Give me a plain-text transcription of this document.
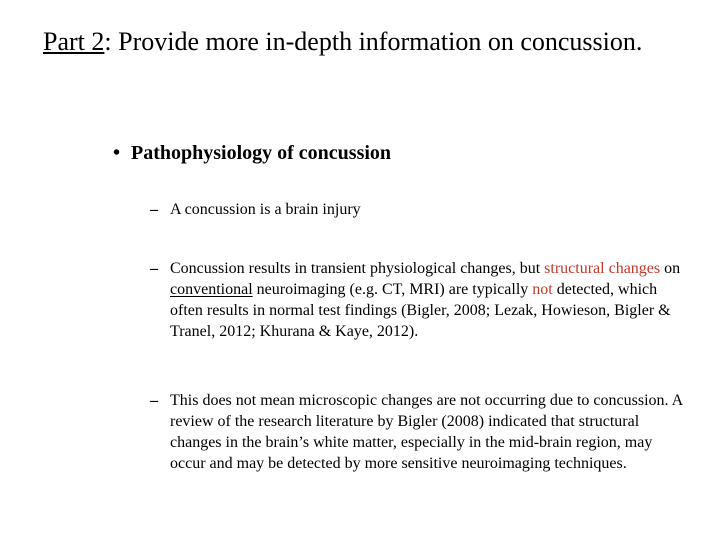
Part 2: Provide more in-depth information on concussion.

• Pathophysiology of concussion

– A concussion is a brain injury
– Concussion results in transient physiological changes, but structural changes on conventional neuroimaging (e.g. CT, MRI) are typically not detected, which often results in normal test findings (Bigler, 2008; Lezak, Howieson, Bigler & Tranel, 2012; Khurana & Kaye, 2012).
– This does not mean microscopic changes are not occurring due to concussion. A review of the research literature by Bigler (2008) indicated that structural changes in the brain’s white matter, especially in the mid-brain region, may occur and may be detected by more sensitive neuroimaging techniques.
